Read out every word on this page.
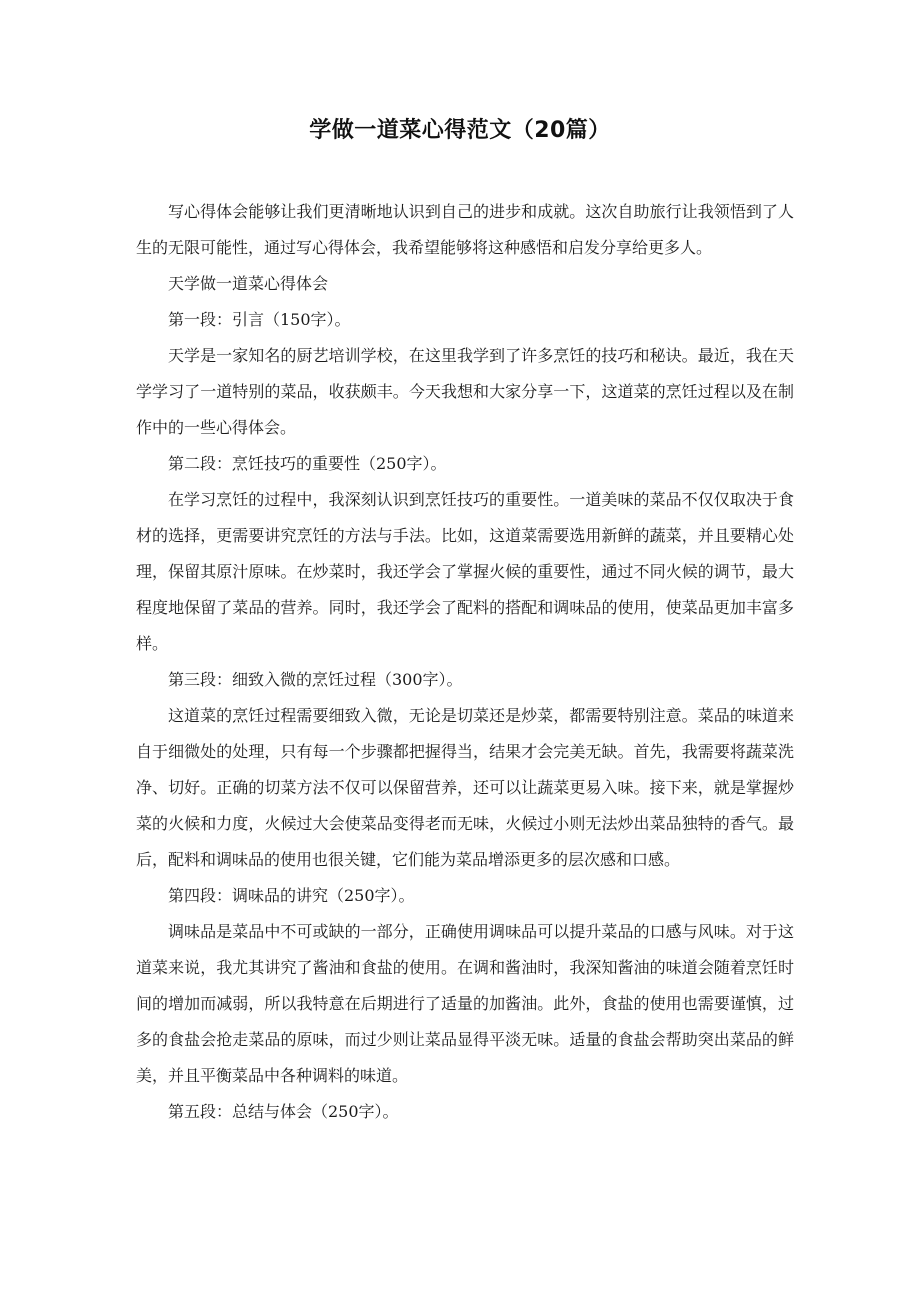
学做一道菜心得范文（20篇）

写心得体会能够让我们更清晰地认识到自己的进步和成就。这次自助旅行让我领悟到了人生的无限可能性，通过写心得体会，我希望能够将这种感悟和启发分享给更多人。

天学做一道菜心得体会

第一段：引言（150字）。

天学是一家知名的厨艺培训学校，在这里我学到了许多烹饪的技巧和秘诀。最近，我在天学学习了一道特别的菜品，收获颇丰。今天我想和大家分享一下，这道菜的烹饪过程以及在制作中的一些心得体会。

第二段：烹饪技巧的重要性（250字）。

在学习烹饪的过程中，我深刻认识到烹饪技巧的重要性。一道美味的菜品不仅仅取决于食材的选择，更需要讲究烹饪的方法与手法。比如，这道菜需要选用新鲜的蔬菜，并且要精心处理，保留其原汁原味。在炒菜时，我还学会了掌握火候的重要性，通过不同火候的调节，最大程度地保留了菜品的营养。同时，我还学会了配料的搭配和调味品的使用，使菜品更加丰富多样。

第三段：细致入微的烹饪过程（300字）。

这道菜的烹饪过程需要细致入微，无论是切菜还是炒菜，都需要特别注意。菜品的味道来自于细微处的处理，只有每一个步骤都把握得当，结果才会完美无缺。首先，我需要将蔬菜洗净、切好。正确的切菜方法不仅可以保留营养，还可以让蔬菜更易入味。接下来，就是掌握炒菜的火候和力度，火候过大会使菜品变得老而无味，火候过小则无法炒出菜品独特的香气。最后，配料和调味品的使用也很关键，它们能为菜品增添更多的层次感和口感。

第四段：调味品的讲究（250字）。

调味品是菜品中不可或缺的一部分，正确使用调味品可以提升菜品的口感与风味。对于这道菜来说，我尤其讲究了酱油和食盐的使用。在调和酱油时，我深知酱油的味道会随着烹饪时间的增加而减弱，所以我特意在后期进行了适量的加酱油。此外，食盐的使用也需要谨慎，过多的食盐会抢走菜品的原味，而过少则让菜品显得平淡无味。适量的食盐会帮助突出菜品的鲜美，并且平衡菜品中各种调料的味道。

第五段：总结与体会（250字）。
